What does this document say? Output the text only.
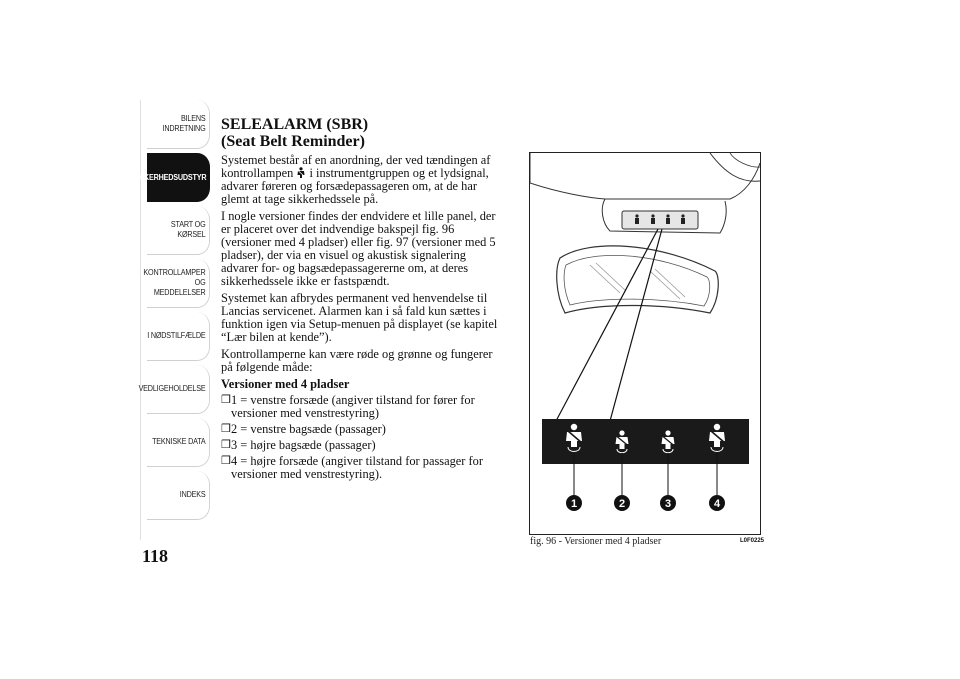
BILENS
INDRETNING
SIKKERHEDSUDSTYR
START OG KØRSEL
KONTROLLAMPER
OG MEDDELELSER
I NØDSTILFÆLDE
VEDLIGEHOLDELSE
TEKNISKE DATA
INDEKS
118
SELEALARM (SBR)
(Seat Belt Reminder)

Systemet består af en anordning, der ved tændingen af kontrollampen i instrumentgruppen og et lydsignal, advarer føreren og forsædepassageren om, at de har glemt at tage sikkerhedssele på.

I nogle versioner findes der endvidere et lille panel, der er placeret over det indvendige bakspejl fig. 96 (versioner med 4 pladser) eller fig. 97 (versioner med 5 pladser), der via en visuel og akustisk signalering advarer for- og bagsædepassagererne om, at deres sikkerhedssele ikke er fastspændt.

Systemet kan afbrydes permanent ved henvendelse til Lancias servicenet. Alarmen kan i så fald kun sættes i funktion igen via Setup-menuen på displayet (se kapitel “Lær bilen at kende”).

Kontrollamperne kan være røde og grønne og fungerer på følgende måde:

Versioner med 4 pladser
❒ 1 = venstre forsæde (angiver tilstand for fører for versioner med venstrestyring)
❒ 2 = venstre bagsæde (passager)
❒ 3 = højre bagsæde (passager)
❒ 4 = højre forsæde (angiver tilstand for passager for versioner med venstrestyring).
1	2	3	4
fig. 96 - Versioner med 4 pladser	L0F0225
